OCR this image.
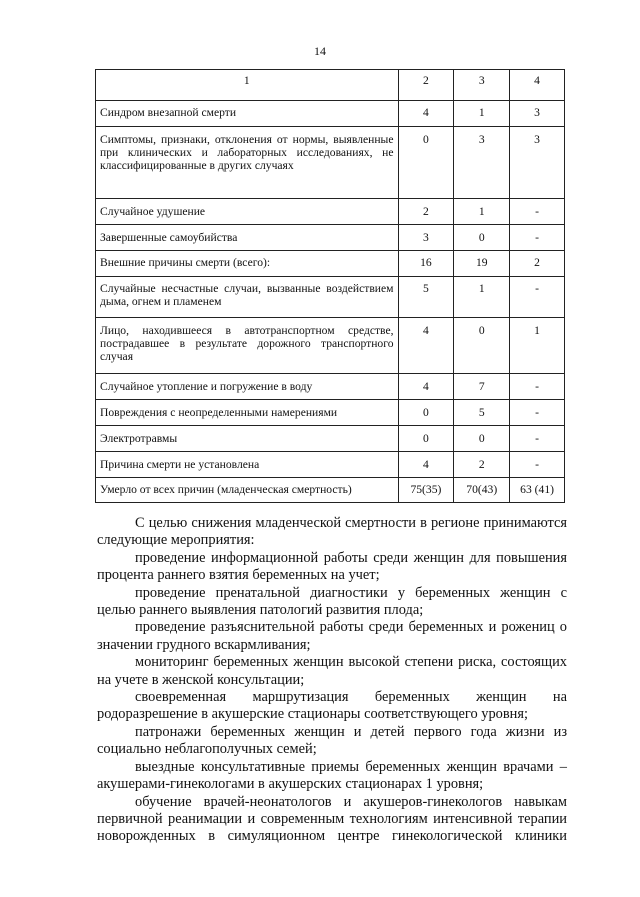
14
1	2	3	4
Синдром внезапной смерти	4	1	3
Симптомы, признаки, отклонения от нормы, выявленные при клинических и лабораторных исследованиях, не классифицированные в других случаях	0	3	3
Случайное удушение	2	1	-
Завершенные самоубийства	3	0	-
Внешние причины смерти (всего):	16	19	2
Случайные несчастные случаи, вызванные воздействием дыма, огнем и пламенем	5	1	-
Лицо, находившееся в автотранспортном средстве, пострадавшее в результате дорожного транспортного случая	4	0	1
Случайное утопление и погружение в воду	4	7	-
Повреждения с неопределенными намерениями	0	5	-
Электротравмы	0	0	-
Причина смерти не установлена	4	2	-
Умерло от всех причин (младенческая смертность)	75(35)	70(43)	63 (41)

С целью снижения младенческой смертности в регионе принимаются следующие мероприятия:

проведение информационной работы среди женщин для повышения процента раннего взятия беременных на учет;

проведение пренатальной диагностики у беременных женщин с целью раннего выявления патологий развития плода;

проведение разъяснительной работы среди беременных и рожениц о значении грудного вскармливания;

мониторинг беременных женщин высокой степени риска, состоящих на учете в женской консультации;

своевременная маршрутизация беременных женщин на родоразрешение в акушерские стационары соответствующего уровня;

патронажи беременных женщин и детей первого года жизни из социально неблагополучных семей;

выездные консультативные приемы беременных женщин врачами – акушерами-гинекологами в акушерских стационарах 1 уровня;

обучение врачей-неонатологов и акушеров-гинекологов навыкам первичной реанимации и современным технологиям интенсивной терапии новорожденных в симуляционном центре гинекологической клиники
